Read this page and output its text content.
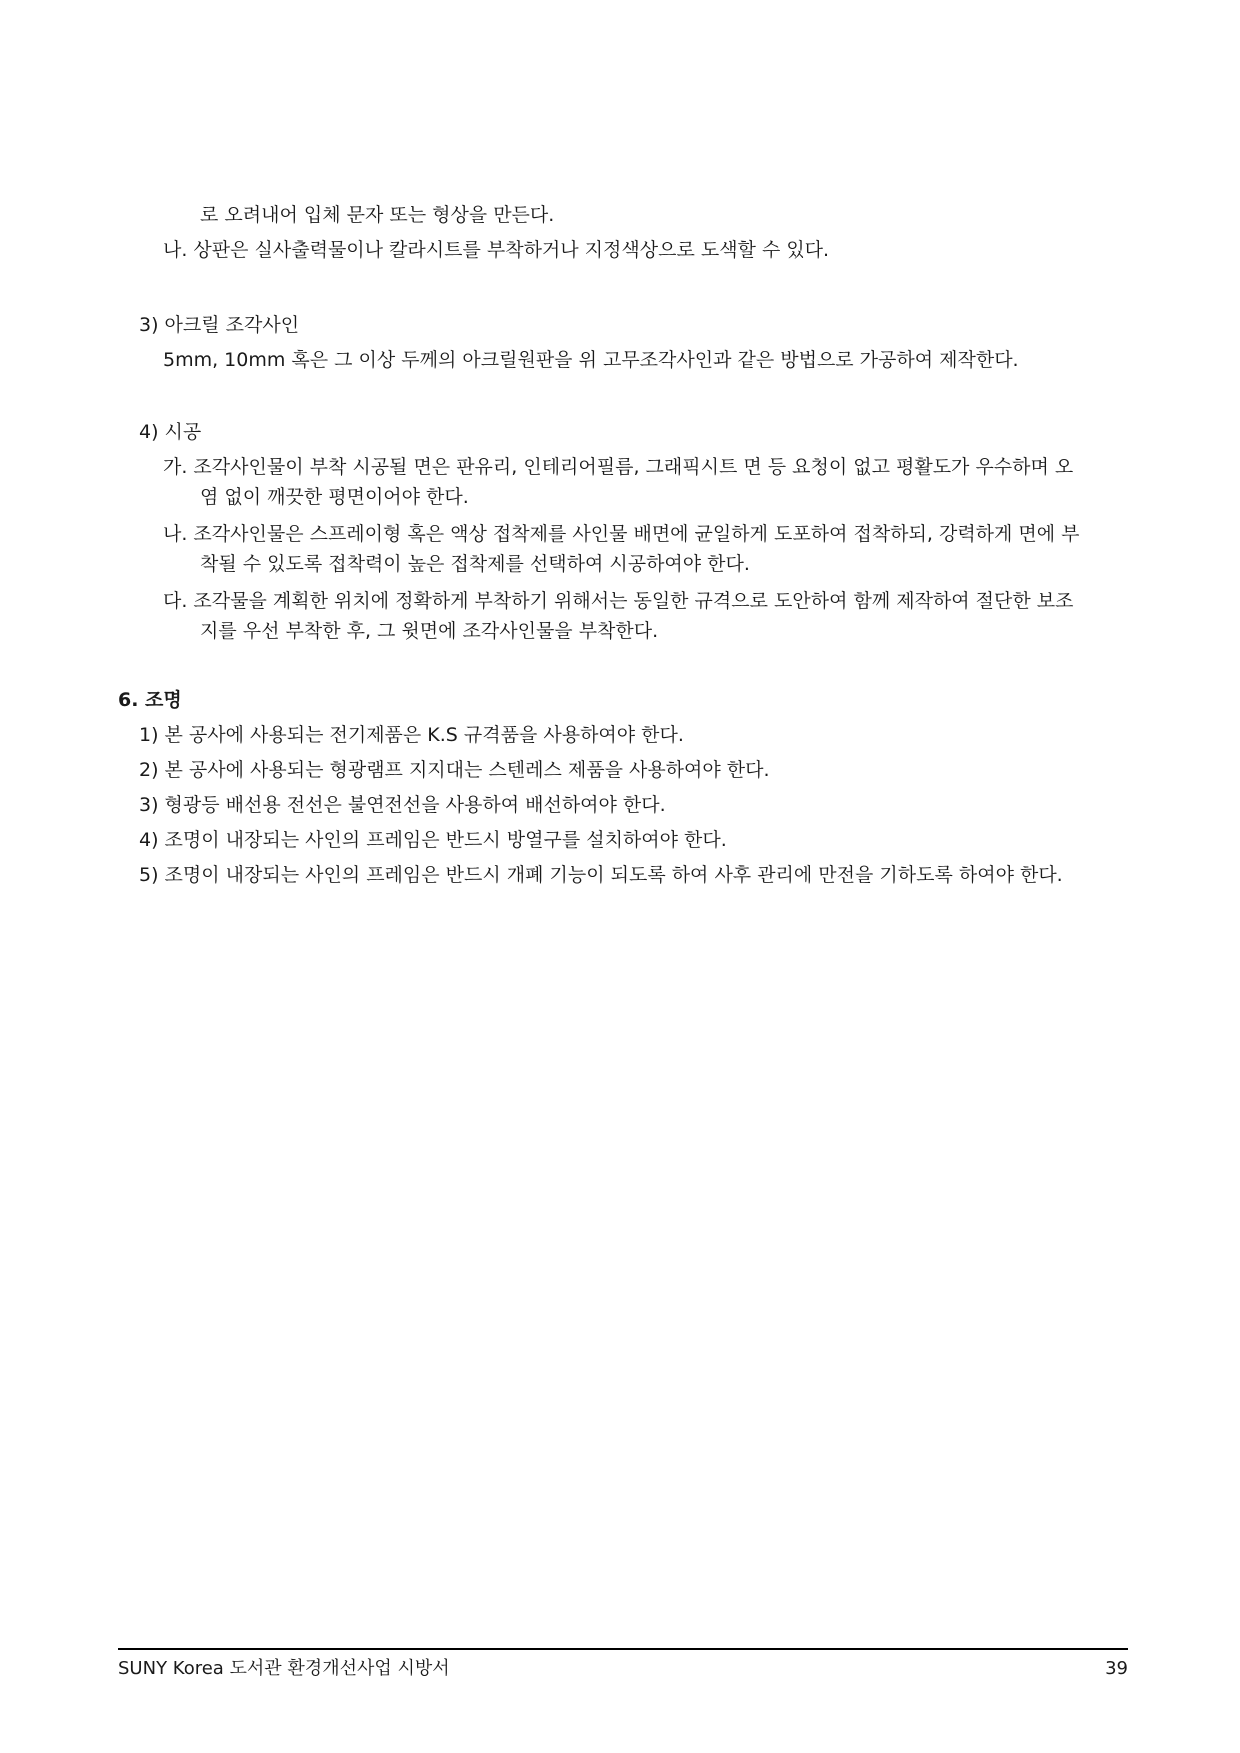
로 오려내어 입체 문자 또는 형상을 만든다.
나. 상판은 실사출력물이나 칼라시트를 부착하거나 지정색상으로 도색할 수 있다.
3) 아크릴 조각사인
5mm, 10mm 혹은 그 이상 두께의 아크릴원판을 위 고무조각사인과 같은 방법으로 가공하여 제작한다.
4) 시공
가. 조각사인물이 부착 시공될 면은 판유리, 인테리어필름, 그래픽시트 면 등 요청이 없고 평활도가 우수하며 오
염 없이 깨끗한 평면이어야 한다.
나. 조각사인물은 스프레이형 혹은 액상 접착제를 사인물 배면에 균일하게 도포하여 접착하되, 강력하게 면에 부
착될 수 있도록 접착력이 높은 접착제를 선택하여 시공하여야 한다.
다. 조각물을 계획한 위치에 정확하게 부착하기 위해서는 동일한 규격으로 도안하여 함께 제작하여 절단한 보조
지를 우선 부착한 후, 그 윗면에 조각사인물을 부착한다.
6. 조명
1) 본 공사에 사용되는 전기제품은 K.S 규격품을 사용하여야 한다.
2) 본 공사에 사용되는 형광램프 지지대는 스텐레스 제품을 사용하여야 한다.
3) 형광등 배선용 전선은 불연전선을 사용하여 배선하여야 한다.
4) 조명이 내장되는 사인의 프레임은 반드시 방열구를 설치하여야 한다.
5) 조명이 내장되는 사인의 프레임은 반드시 개폐 기능이 되도록 하여 사후 관리에 만전을 기하도록 하여야 한다.
SUNY Korea 도서관 환경개선사업 시방서	39
